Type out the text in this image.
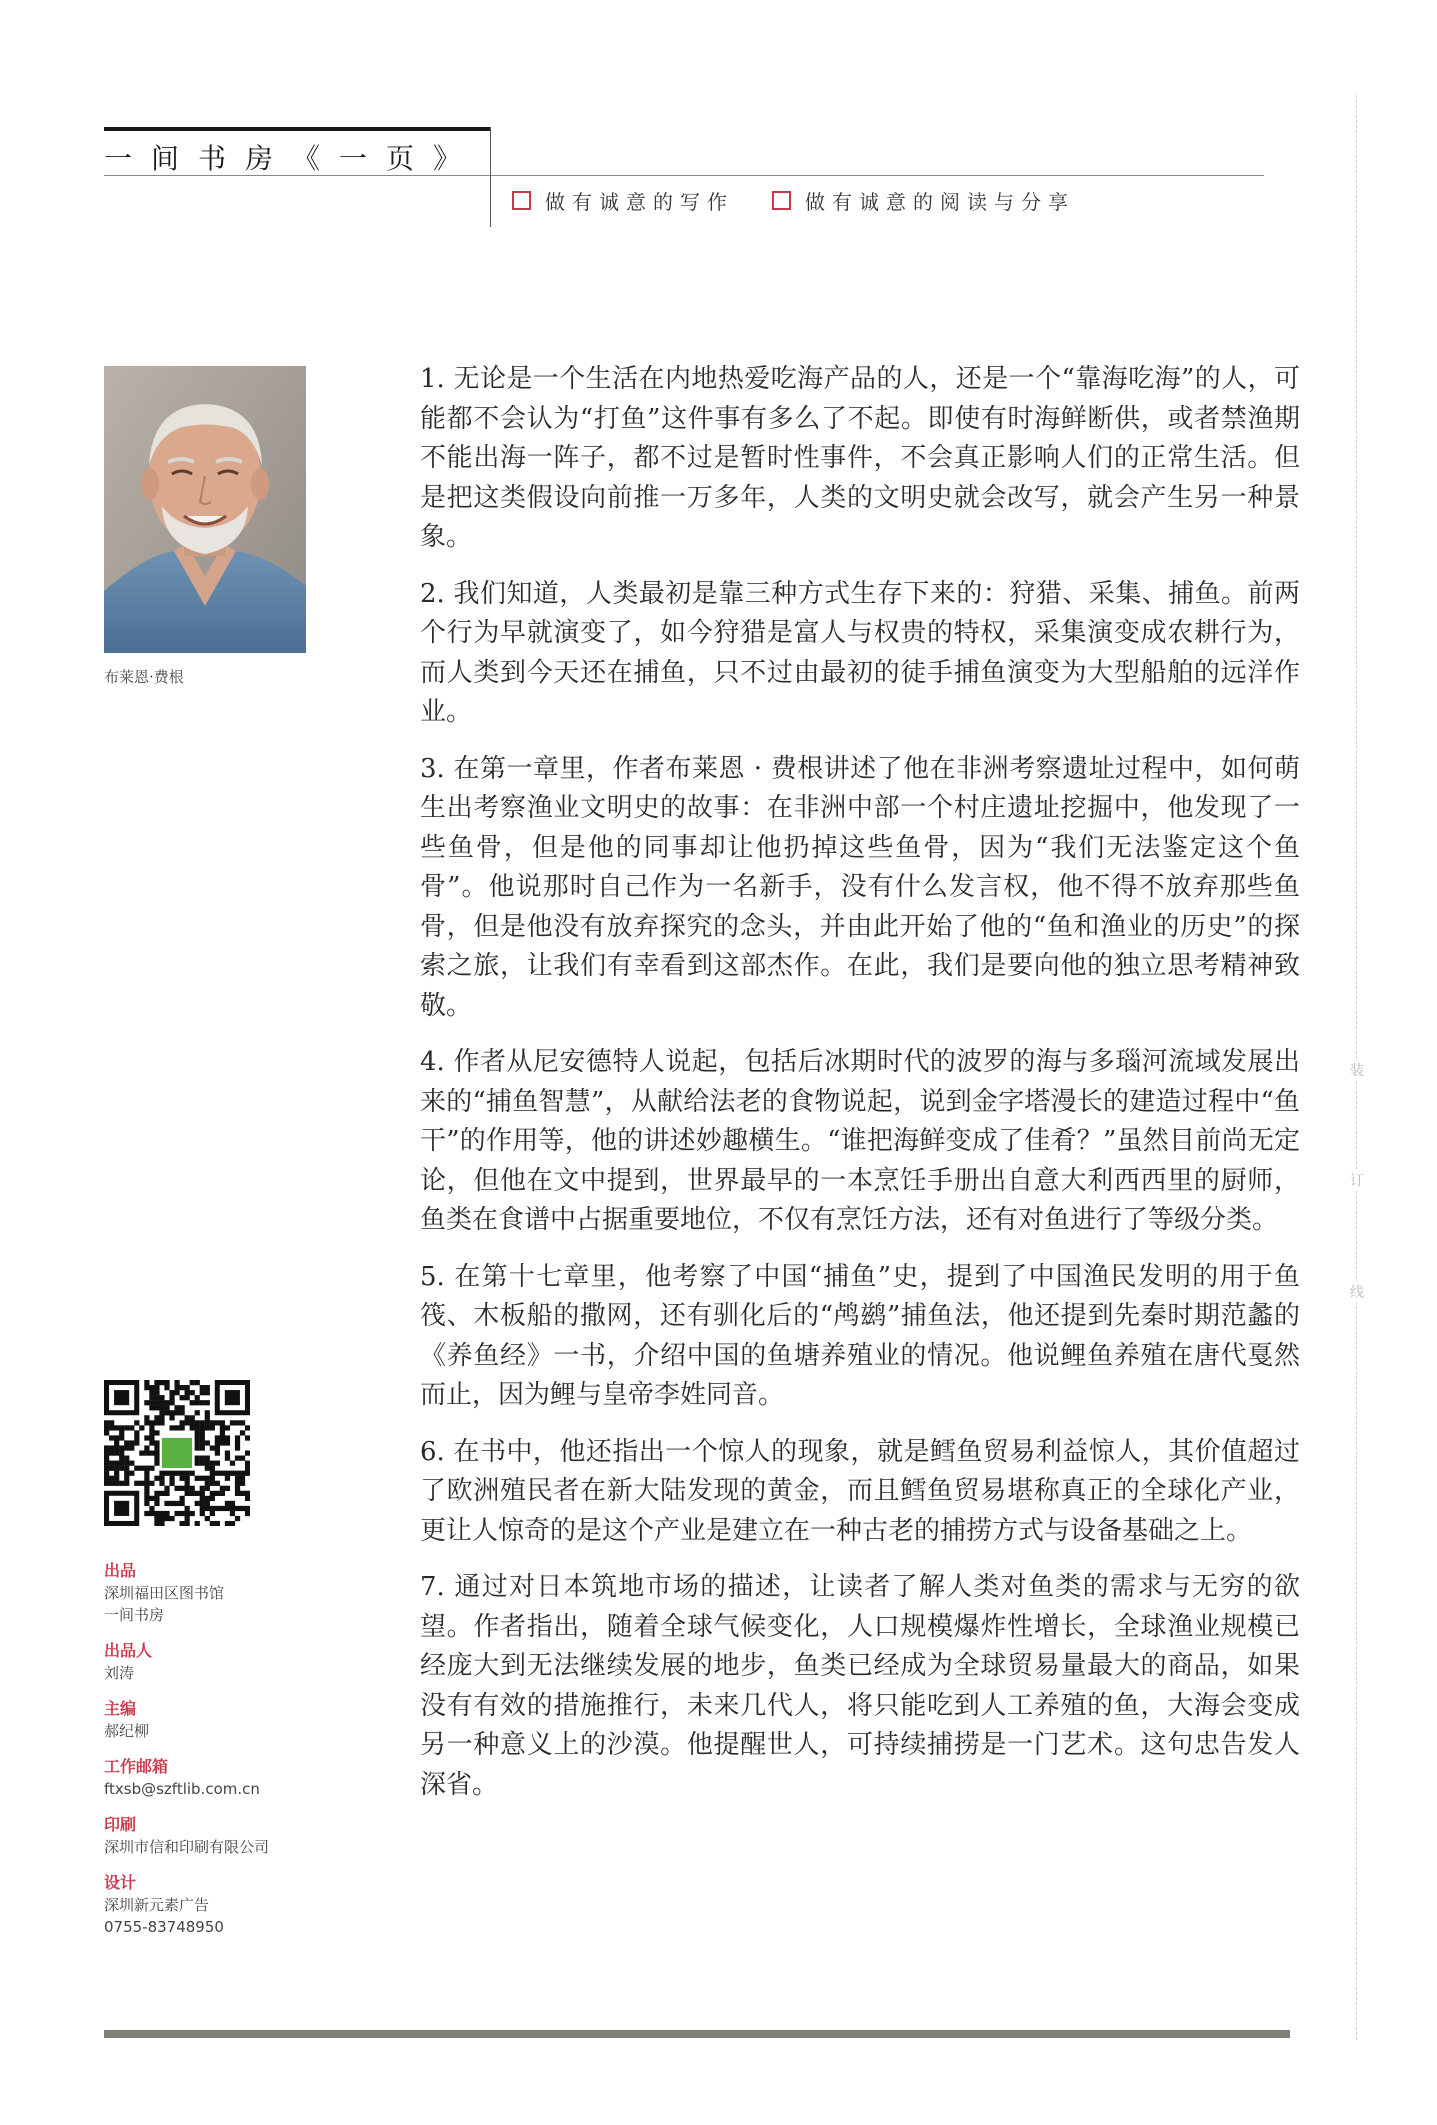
一间书房《一页》
做有诚意的写作	做有诚意的阅读与分享
装
订
线
布莱恩·费根
出品
深圳福田区图书馆
一间书房
出品人
刘涛
主编
郝纪柳
工作邮箱
ftxsb@szftlib.com.cn
印刷
深圳市信和印刷有限公司
设计
深圳新元素广告
0755-83748950

1. 无论是一个生活在内地热爱吃海产品的人，还是一个“靠海吃海”的人，可能都不会认为“打鱼”这件事有多么了不起。即使有时海鲜断供，或者禁渔期不能出海一阵子，都不过是暂时性事件，不会真正影响人们的正常生活。但是把这类假设向前推一万多年，人类的文明史就会改写，就会产生另一种景象。

2. 我们知道，人类最初是靠三种方式生存下来的：狩猎、采集、捕鱼。前两个行为早就演变了，如今狩猎是富人与权贵的特权，采集演变成农耕行为，而人类到今天还在捕鱼，只不过由最初的徒手捕鱼演变为大型船舶的远洋作业。

3. 在第一章里，作者布莱恩 · 费根讲述了他在非洲考察遗址过程中，如何萌生出考察渔业文明史的故事：在非洲中部一个村庄遗址挖掘中，他发现了一些鱼骨，但是他的同事却让他扔掉这些鱼骨，因为“我们无法鉴定这个鱼骨”。他说那时自己作为一名新手，没有什么发言权，他不得不放弃那些鱼骨，但是他没有放弃探究的念头，并由此开始了他的“鱼和渔业的历史”的探索之旅，让我们有幸看到这部杰作。在此，我们是要向他的独立思考精神致敬。

4. 作者从尼安德特人说起，包括后冰期时代的波罗的海与多瑙河流域发展出来的“捕鱼智慧”，从献给法老的食物说起，说到金字塔漫长的建造过程中“鱼干”的作用等，他的讲述妙趣横生。“谁把海鲜变成了佳肴？”虽然目前尚无定论，但他在文中提到，世界最早的一本烹饪手册出自意大利西西里的厨师，鱼类在食谱中占据重要地位，不仅有烹饪方法，还有对鱼进行了等级分类。

5. 在第十七章里，他考察了中国“捕鱼”史，提到了中国渔民发明的用于鱼筏、木板船的撒网，还有驯化后的“鸬鹚”捕鱼法，他还提到先秦时期范蠡的《养鱼经》一书，介绍中国的鱼塘养殖业的情况。他说鲤鱼养殖在唐代戛然而止，因为鲤与皇帝李姓同音。

6. 在书中，他还指出一个惊人的现象，就是鳕鱼贸易利益惊人，其价值超过了欧洲殖民者在新大陆发现的黄金，而且鳕鱼贸易堪称真正的全球化产业，更让人惊奇的是这个产业是建立在一种古老的捕捞方式与设备基础之上。

7. 通过对日本筑地市场的描述，让读者了解人类对鱼类的需求与无穷的欲望。作者指出，随着全球气候变化，人口规模爆炸性增长，全球渔业规模已经庞大到无法继续发展的地步，鱼类已经成为全球贸易量最大的商品，如果没有有效的措施推行，未来几代人，将只能吃到人工养殖的鱼，大海会变成另一种意义上的沙漠。他提醒世人，可持续捕捞是一门艺术。这句忠告发人深省。
